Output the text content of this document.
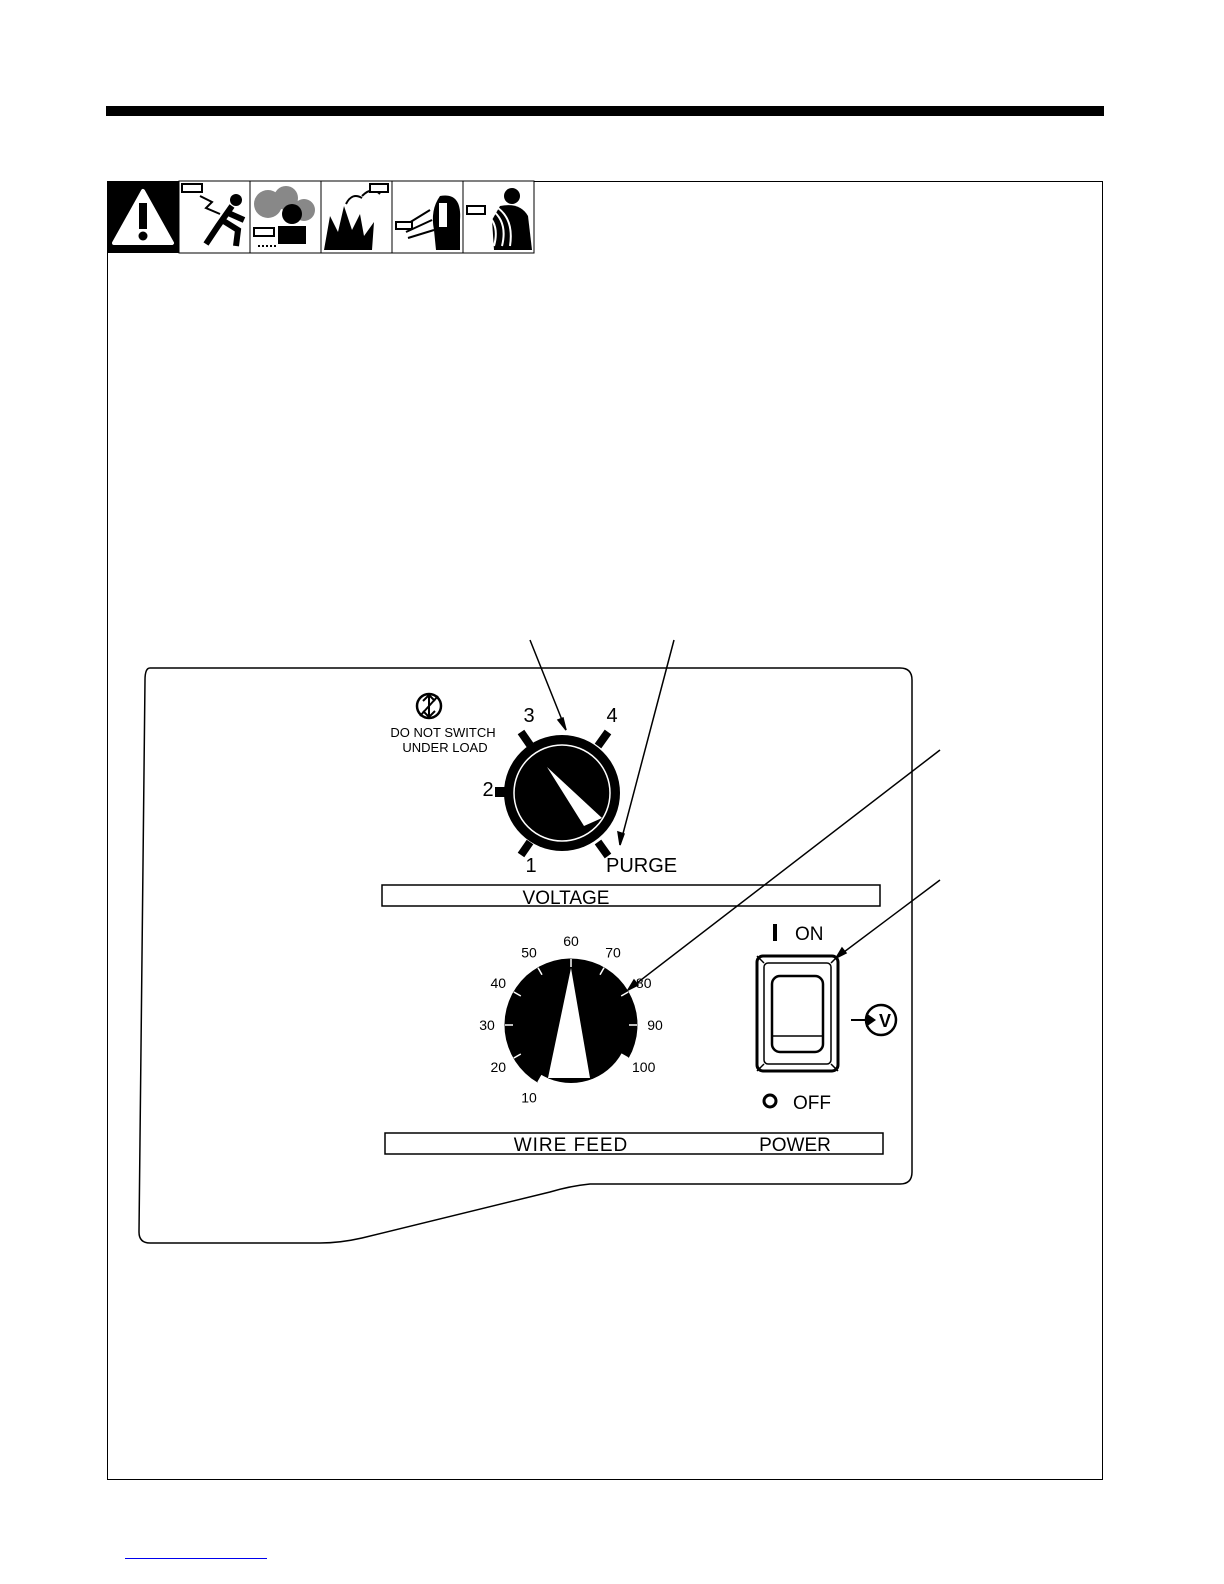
DO NOT SWITCH
UNDER LOAD
3	4
2
1	PURGE
VOLTAGE
10
20
30
40
50
60
70
80
90
100
ON
OFF
V
WIRE FEED	POWER
